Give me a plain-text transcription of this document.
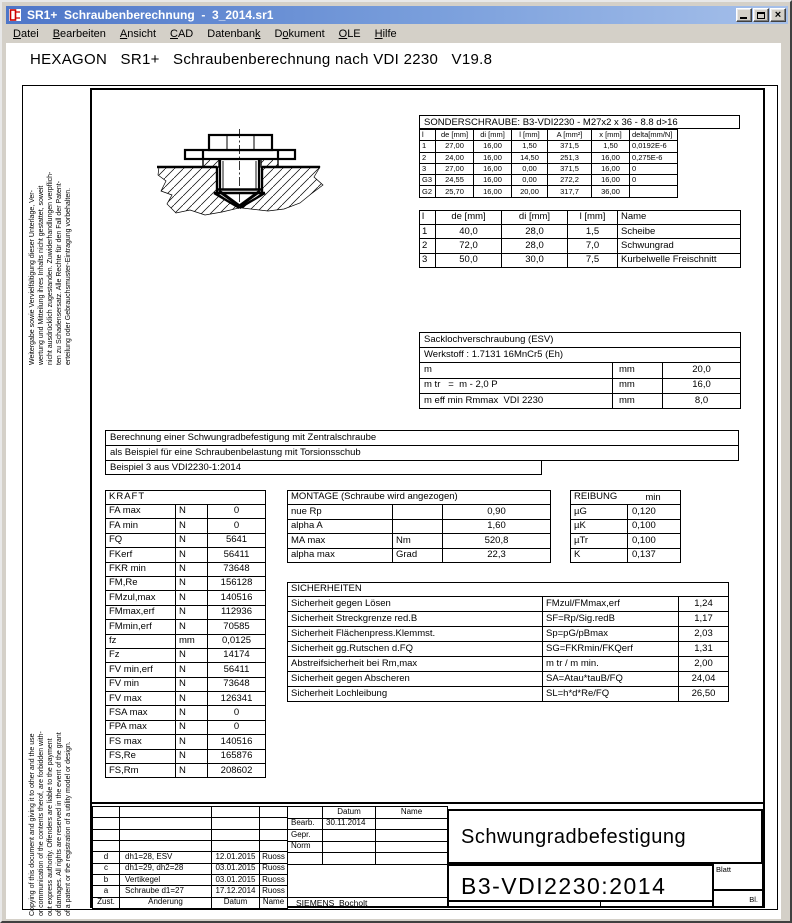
SR1+  Schraubenberechnung  -  3_2014.sr1	×
Datei	Bearbeiten	Ansicht	CAD	Datenbank	Dokument	OLE	Hilfe
HEXAGON   SR1+   Schraubenberechnung nach VDI 2230   V19.8
Weitergabe sowie Vervielfältigung dieser Unterlage, Ver- wertung und Mitteilung ihres Inhalts nicht gestattet, soweit nicht ausdrücklich zugestanden. Zuwiderhandlungen verpflich- ten zu Schadensersatz. Alle Rechte für den Fall der Patent- erteilung oder Gebrauchsmuster-Eintragung vorbehalten.
Copying of this document and giving it to other and the use or communication of the contents therof, are forbidden with- out express authority. Offenders are liable to the payment of damages. All rights are reserved in the event of the grant of a patent or the registration of a utility model or design.
SONDERSCHRAUBE: B3-VDI2230 - M27x2 x 36 - 8.8 d>16
l	de [mm]	di [mm]	l [mm]	A [mm²]	x [mm]	delta[mm/N]
1	27,00	16,00	1,50	371,5	1,50	0,0192E-6
2	24,00	16,00	14,50	251,3	16,00	0,275E-6
3	27,00	16,00	0,00	371,5	16,00	0
G3	24,55	16,00	0,00	272,2	16,00	0
G2	25,70	16,00	20,00	317,7	36,00	
l	de [mm]	di [mm]	l [mm]	Name
1	40,0	28,0	1,5	Scheibe
2	72,0	28,0	7,0	Schwungrad
3	50,0	30,0	7,5	Kurbelwelle Freischnitt
Sacklochverschraubung (ESV)		
Werkstoff : 1.7131 16MnCr5 (Eh)		
m	mm	20,0
m tr   =  m - 2,0 P	mm	16,0
m eff min Rmmax  VDI 2230	mm	8,0
Berechnung einer Schwungradbefestigung mit Zentralschraube
als Beispiel für eine Schraubenbelastung mit Torsionsschub
Beispiel 3 aus VDI2230-1:2014
KRAFT		
FA max	N	0
FA min	N	0
FQ	N	5641
FKerf	N	56411
FKR min	N	73648
FM,Re	N	156128
FMzul,max	N	140516
FMmax,erf	N	112936
FMmin,erf	N	70585
fz	mm	0,0125
Fz	N	14174
FV min,erf	N	56411
FV min	N	73648
FV max	N	126341
FSA max	N	0
FPA max	N	0
FS max	N	140516
FS,Re	N	165876
FS,Rm	N	208602
MONTAGE (Schraube wird angezogen)		
nue Rp		0,90
alpha A		1,60
MA max	Nm	520,8
alpha max	Grad	22,3
REIBUNG min	

µG	0,120
µK	0,100
µTr	0,100
K	0,137
SICHERHEITEN		
Sicherheit gegen Lösen	FMzul/FMmax,erf	1,24
Sicherheit Streckgrenze red.B	SF=Rp/Sig.redB	1,17
Sicherheit Flächenpress.Klemmst.	Sp=pG/pBmax	2,03
Sicherheit gg.Rutschen d.FQ	SG=FKRmin/FKQerf	1,31
Abstreifsicherheit bei Rm,max	m tr / m min.	2,00
Sicherheit gegen Abscheren	SA=Atau*tauB/FQ	24,04
Sicherheit Lochleibung	SL=h*d*Re/FQ	26,50

d	dh1=28, ESV	12.01.2015	Ruoss
c	dh1=29, dh2=28	03.01.2015	Ruoss
b	Vertikegel	03.01.2015	Ruoss
a	Schraube d1=27	17.12.2014	Ruoss
Zust.	Änderung	Datum	Name
	Datum	Name
Bearb.	30.11.2014	
Gepr.		
Norm		

SIEMENS  Bocholt
Schwungradbefestigung
B3-VDI2230:2014
Blatt
Bl.
